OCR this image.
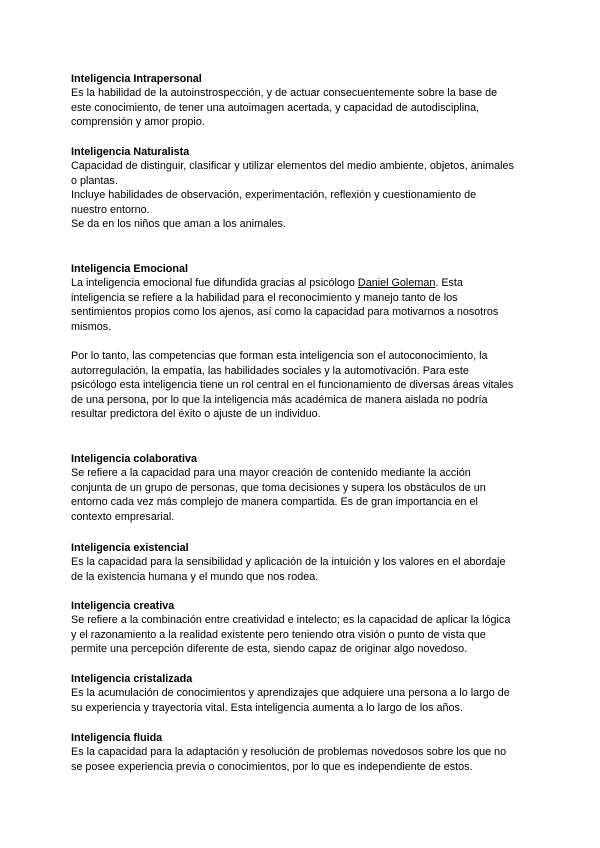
Inteligencia Intrapersonal

Es la habilidad de la autoinstrospección, y de actuar consecuentemente sobre la base de

este conocimiento, de tener una autoimagen acertada, y capacidad de autodisciplina,

comprensión y amor propio.

Inteligencia Naturalista

Capacidad de distinguir, clasificar y utilizar elementos del medio ambiente, objetos, animales

o plantas.

Incluye habilidades de observación, experimentación, reflexión y cuestionamiento de

nuestro entorno.

Se da en los niños que aman a los animales.

Inteligencia Emocional

La inteligencia emocional fue difundida gracias al psicólogo Daniel Goleman. Esta

inteligencia se refiere a la habilidad para el reconocimiento y manejo tanto de los

sentimientos propios como los ajenos, así como la capacidad para motivarnos a nosotros

mismos.

Por lo tanto, las competencias que forman esta inteligencia son el autoconocimiento, la

autorregulación, la empatía, las habilidades sociales y la automotivación. Para este

psicólogo esta inteligencia tiene un rol central en el funcionamiento de diversas áreas vitales

de una persona, por lo que la inteligencia más académica de manera aislada no podría

resultar predictora del éxito o ajuste de un individuo.

Inteligencia colaborativa

Se refiere a la capacidad para una mayor creación de contenido mediante la acción

conjunta de un grupo de personas, que toma decisiones y supera los obstáculos de un

entorno cada vez más complejo de manera compartida. Es de gran importancia en el

contexto empresarial.

Inteligencia existencial

Es la capacidad para la sensibilidad y aplicación de la intuición y los valores en el abordaje

de la existencia humana y el mundo que nos rodea.

Inteligencia creativa

Se refiere a la combinación entre creatividad e intelecto; es la capacidad de aplicar la lógica

y el razonamiento a la realidad existente pero teniendo otra visión o punto de vista que

permite una percepción diferente de esta, siendo capaz de originar algo novedoso.

Inteligencia cristalizada

Es la acumulación de conocimientos y aprendizajes que adquiere una persona a lo largo de

su experiencia y trayectoria vital. Esta inteligencia aumenta a lo largo de los años.

Inteligencia fluida

Es la capacidad para la adaptación y resolución de problemas novedosos sobre los que no

se posee experiencia previa o conocimientos, por lo que es independiente de estos.
